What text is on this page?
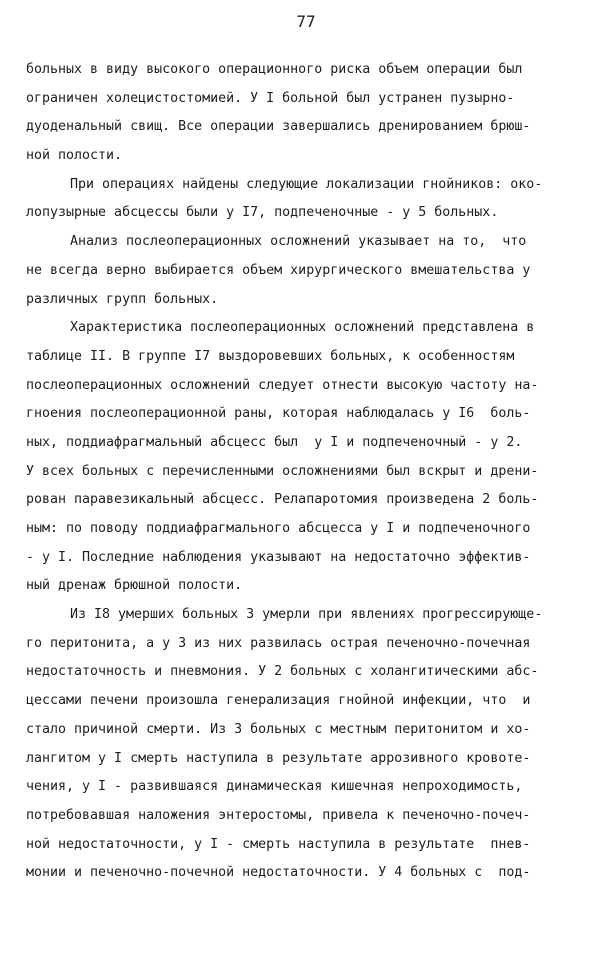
77
больных в виду высокого операционного риска объем операции был
ограничен холецистостомией. У I больной был устранен пузырно-
дуоденальный свищ. Все операции завершались дренированием брюш-
ной полости.
При операциях найдены следующие локализации гнойников: око-
лопузырные абсцессы были у I7, подпеченочные - у 5 больных.
Анализ послеоперационных осложнений указывает на то,  что
не всегда верно выбирается объем хирургического вмешательства у
различных групп больных.
Характеристика послеоперационных осложнений представлена в
таблице II. В группе I7 выздоровевших больных, к особенностям
послеоперационных осложнений следует отнести высокую частоту на-
гноения послеоперационной раны, которая наблюдалась у I6  боль-
ных, поддиафрагмальный абсцесс был  у I и подпеченочный - у 2.
У всех больных с перечисленными осложнениями был вскрыт и дрени-
рован паравезикальный абсцесс. Релапаротомия произведена 2 боль-
ным: по поводу поддиафрагмального абсцесса у I и подпеченочного
- у I. Последние наблюдения указывают на недостаточно эффектив-
ный дренаж брюшной полости.
Из I8 умерших больных 3 умерли при явлениях прогрессирующе-
го перитонита, а у 3 из них развилась острая печеночно-почечная
недостаточность и пневмония. У 2 больных с холангитическими абс-
цессами печени произошла генерализация гнойной инфекции, что  и
стало причиной смерти. Из 3 больных с местным перитонитом и хо-
лангитом у I смерть наступила в результате аррозивного кровоте-
чения, у I - развившаяся динамическая кишечная непроходимость,
потребовавшая наложения энтеростомы, привела к печеночно-почеч-
ной недостаточности, у I - смерть наступила в результате  пнев-
монии и печеночно-почечной недостаточности. У 4 больных с  под-
